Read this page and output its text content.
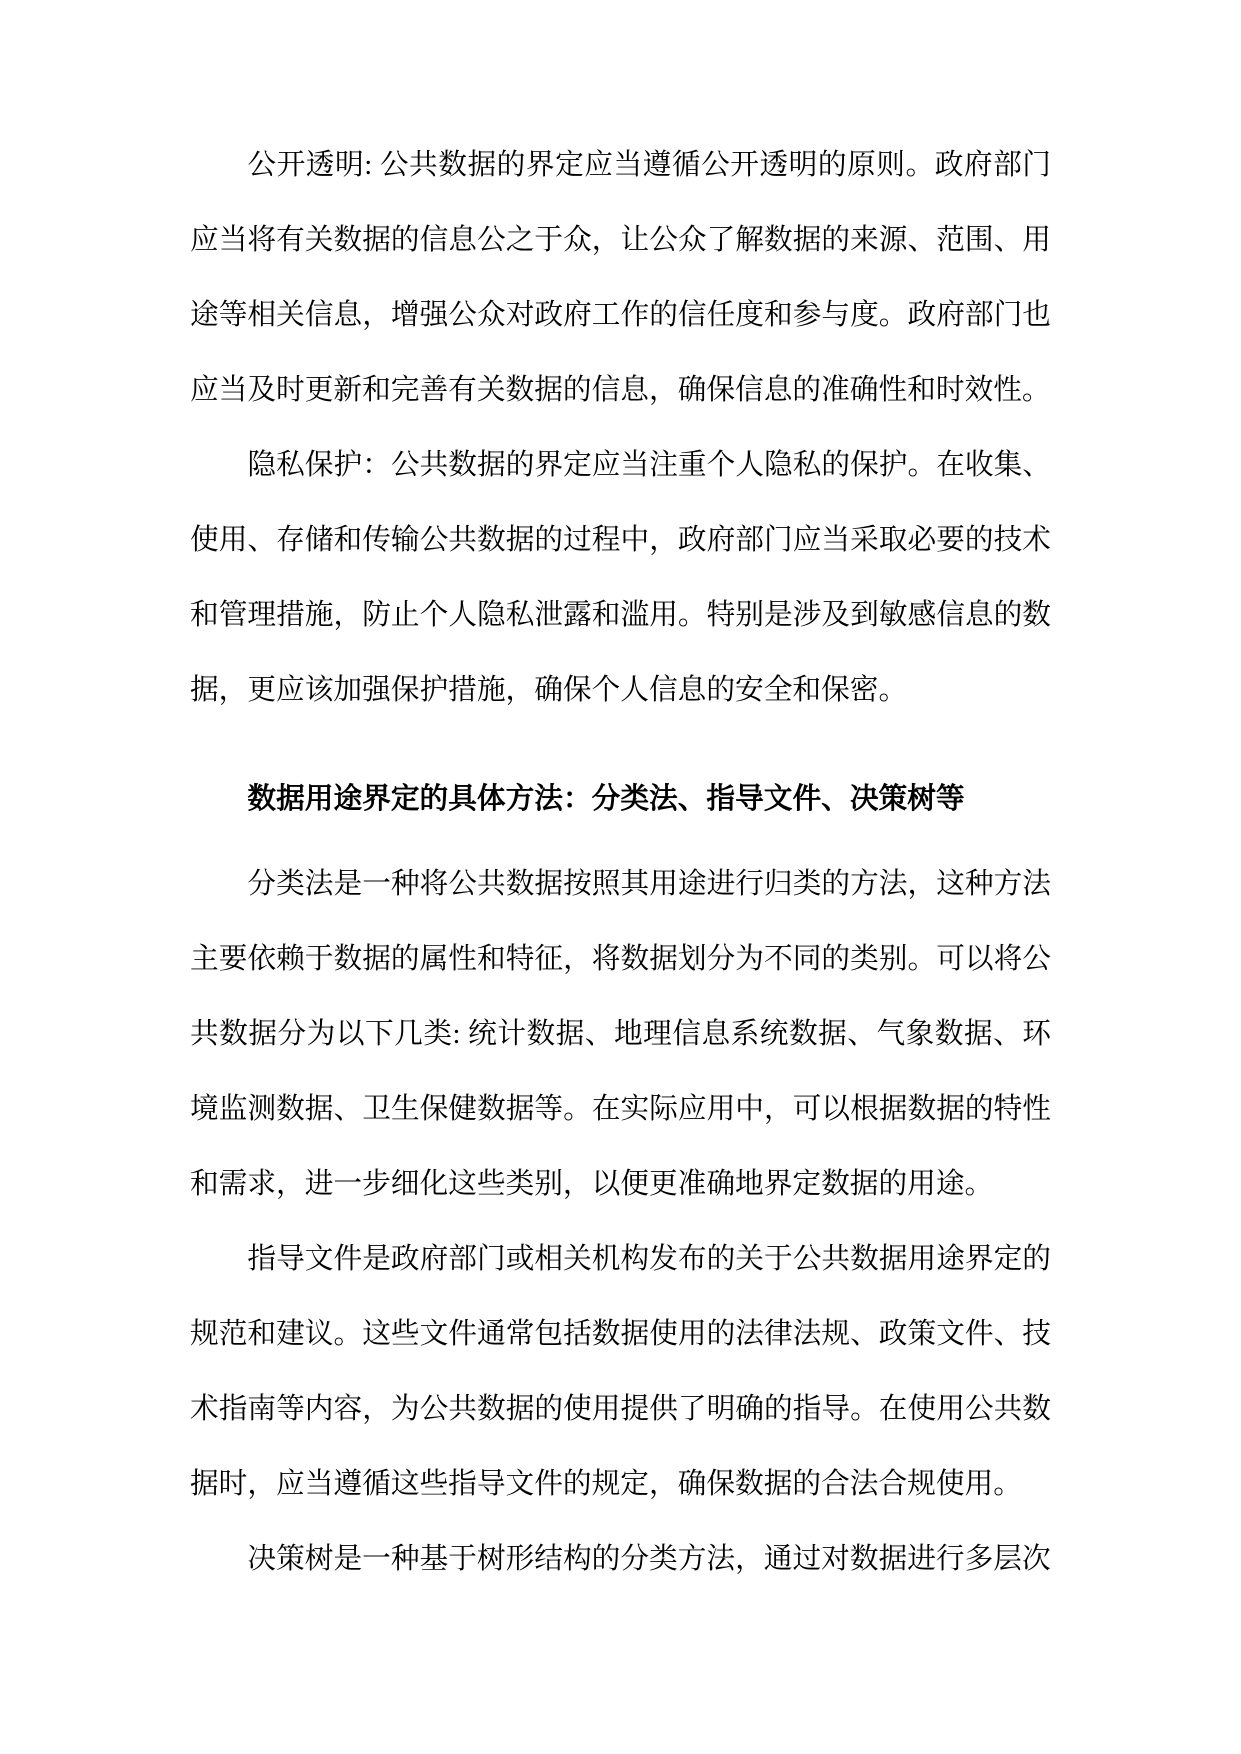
公开透明: 公共数据的界定应当遵循公开透明的原则。政府部门应当将有关数据的信息公之于众，让公众了解数据的来源、范围、用途等相关信息，增强公众对政府工作的信任度和参与度。政府部门也应当及时更新和完善有关数据的信息，确保信息的准确性和时效性。

隐私保护：公共数据的界定应当注重个人隐私的保护。在收集、使用、存储和传输公共数据的过程中，政府部门应当采取必要的技术和管理措施，防止个人隐私泄露和滥用。特别是涉及到敏感信息的数据，更应该加强保护措施，确保个人信息的安全和保密。

数据用途界定的具体方法：分类法、指导文件、决策树等

分类法是一种将公共数据按照其用途进行归类的方法，这种方法主要依赖于数据的属性和特征，将数据划分为不同的类别。可以将公共数据分为以下几类: 统计数据、地理信息系统数据、气象数据、环境监测数据、卫生保健数据等。在实际应用中，可以根据数据的特性和需求，进一步细化这些类别，以便更准确地界定数据的用途。

指导文件是政府部门或相关机构发布的关于公共数据用途界定的规范和建议。这些文件通常包括数据使用的法律法规、政策文件、技术指南等内容，为公共数据的使用提供了明确的指导。在使用公共数据时，应当遵循这些指导文件的规定，确保数据的合法合规使用。

决策树是一种基于树形结构的分类方法，通过对数据进行多层次
